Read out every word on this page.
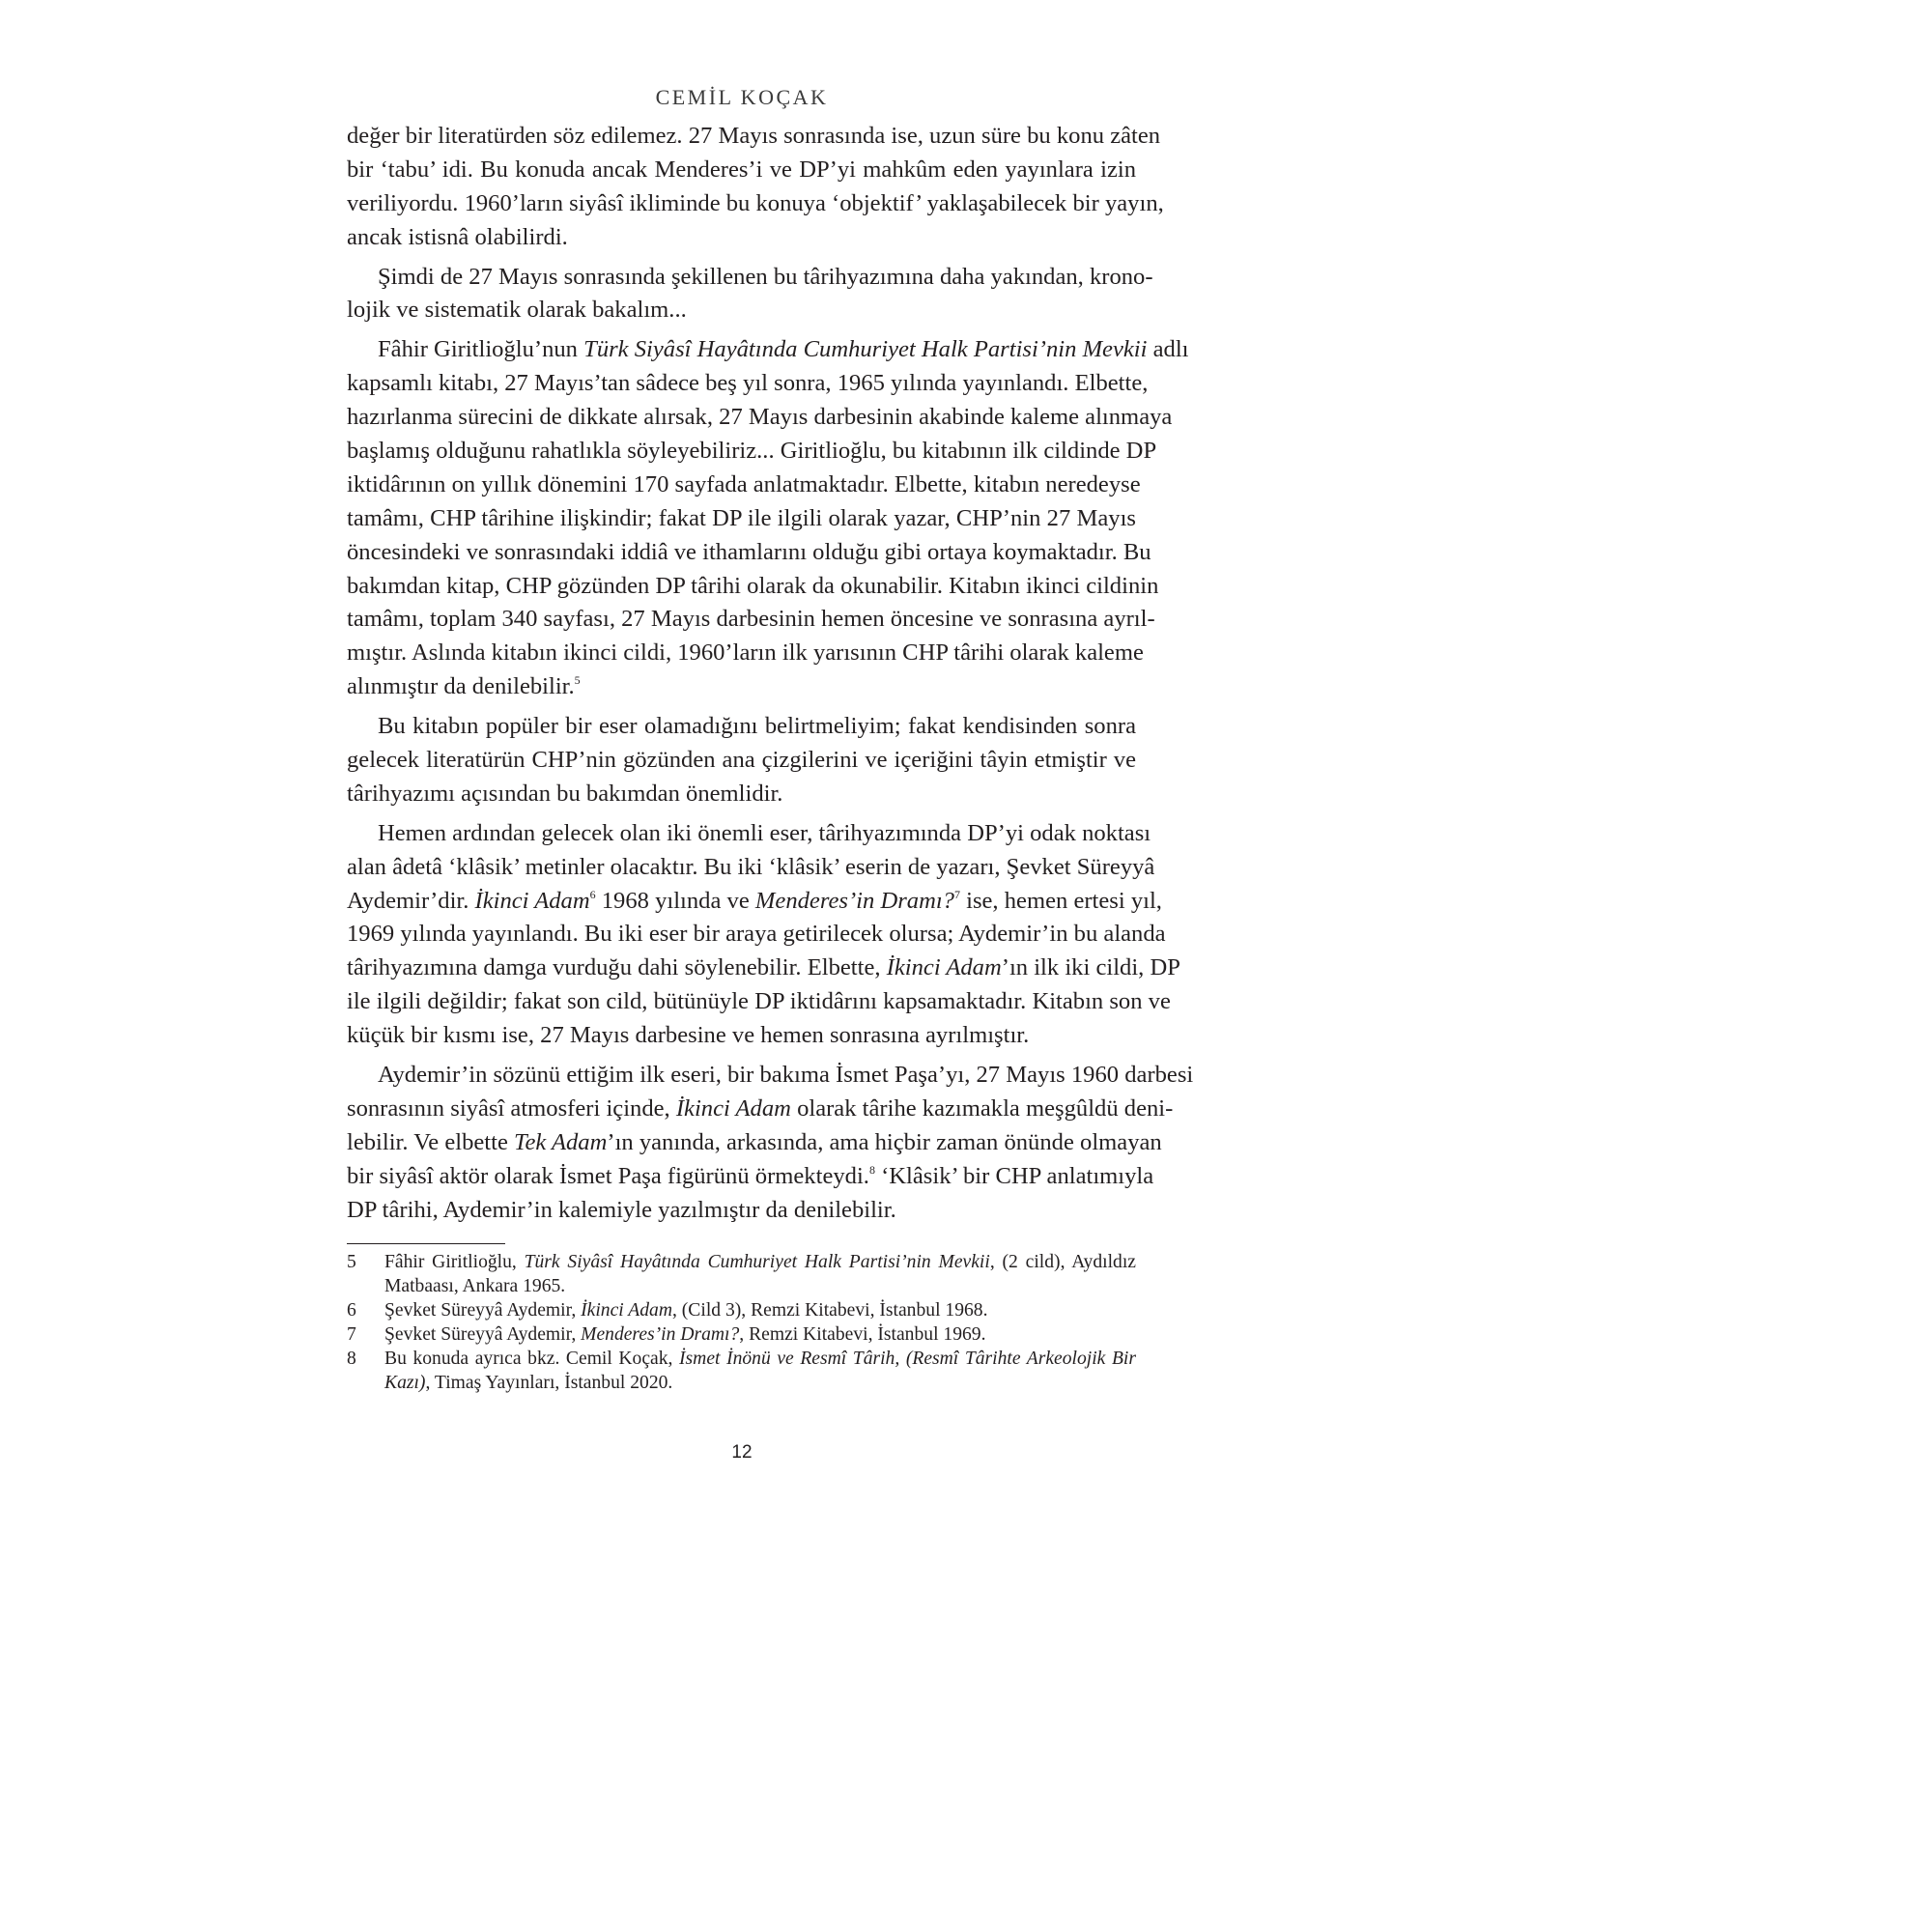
CEMİL KOÇAK
değer bir literatürden söz edilemez. 27 Mayıs sonrasında ise, uzun süre bu konu zâten
bir ‘tabu’ idi. Bu konuda ancak Menderes’i ve DP’yi mahkûm eden yayınlara izin
veriliyordu. 1960’ların siyâsî ikliminde bu konuya ‘objektif’ yaklaşabilecek bir yayın,
ancak istisnâ olabilirdi.
Şimdi de 27 Mayıs sonrasında şekillenen bu târihyazımına daha yakından, krono-
lojik ve sistematik olarak bakalım...
Fâhir Giritlioğlu’nun Türk Siyâsî Hayâtında Cumhuriyet Halk Partisi’nin Mevkii adlı
kapsamlı kitabı, 27 Mayıs’tan sâdece beş yıl sonra, 1965 yılında yayınlandı. Elbette,
hazırlanma sürecini de dikkate alırsak, 27 Mayıs darbesinin akabinde kaleme alınmaya
başlamış olduğunu rahatlıkla söyleyebiliriz... Giritlioğlu, bu kitabının ilk cildinde DP
iktidârının on yıllık dönemini 170 sayfada anlatmaktadır. Elbette, kitabın neredeyse
tamâmı, CHP târihine ilişkindir; fakat DP ile ilgili olarak yazar, CHP’nin 27 Mayıs
öncesindeki ve sonrasındaki iddiâ ve ithamlarını olduğu gibi ortaya koymaktadır. Bu
bakımdan kitap, CHP gözünden DP târihi olarak da okunabilir. Kitabın ikinci cildinin
tamâmı, toplam 340 sayfası, 27 Mayıs darbesinin hemen öncesine ve sonrasına ayrıl-
mıştır. Aslında kitabın ikinci cildi, 1960’ların ilk yarısının CHP târihi olarak kaleme
alınmıştır da denilebilir.$^5$
Bu kitabın popüler bir eser olamadığını belirtmeliyim; fakat kendisinden sonra
gelecek literatürün CHP’nin gözünden ana çizgilerini ve içeriğini tâyin etmiştir ve
târihyazımı açısından bu bakımdan önemlidir.
Hemen ardından gelecek olan iki önemli eser, târihyazımında DP’yi odak noktası
alan âdetâ ‘klâsik’ metinler olacaktır. Bu iki ‘klâsik’ eserin de yazarı, Şevket Süreyyâ
Aydemir’dir. İkinci Adam$^6$ 1968 yılında ve Menderes’in Dramı?$^7$ ise, hemen ertesi yıl,
1969 yılında yayınlandı. Bu iki eser bir araya getirilecek olursa; Aydemir’in bu alanda
târihyazımına damga vurduğu dahi söylenebilir. Elbette, İkinci Adam’ın ilk iki cildi, DP
ile ilgili değildir; fakat son cild, bütünüyle DP iktidârını kapsamaktadır. Kitabın son ve
küçük bir kısmı ise, 27 Mayıs darbesine ve hemen sonrasına ayrılmıştır.
Aydemir’in sözünü ettiğim ilk eseri, bir bakıma İsmet Paşa’yı, 27 Mayıs 1960 darbesi
sonrasının siyâsî atmosferi içinde, İkinci Adam olarak târihe kazımakla meşgûldü deni-
lebilir. Ve elbette Tek Adam’ın yanında, arkasında, ama hiçbir zaman önünde olmayan
bir siyâsî aktör olarak İsmet Paşa figürünü örmekteydi.$^8$ ‘Klâsik’ bir CHP anlatımıyla
DP târihi, Aydemir’in kalemiyle yazılmıştır da denilebilir.
5	Fâhir Giritlioğlu, Türk Siyâsî Hayâtında Cumhuriyet Halk Partisi’nin Mevkii, (2 cild), Aydıldız
Matbaası, Ankara 1965.
6	Şevket Süreyyâ Aydemir, İkinci Adam, (Cild 3), Remzi Kitabevi, İstanbul 1968.
7	Şevket Süreyyâ Aydemir, Menderes’in Dramı?, Remzi Kitabevi, İstanbul 1969.
8	Bu konuda ayrıca bkz. Cemil Koçak, İsmet İnönü ve Resmî Târih, (Resmî Târihte Arkeolojik Bir
Kazı), Timaş Yayınları, İstanbul 2020.
12
